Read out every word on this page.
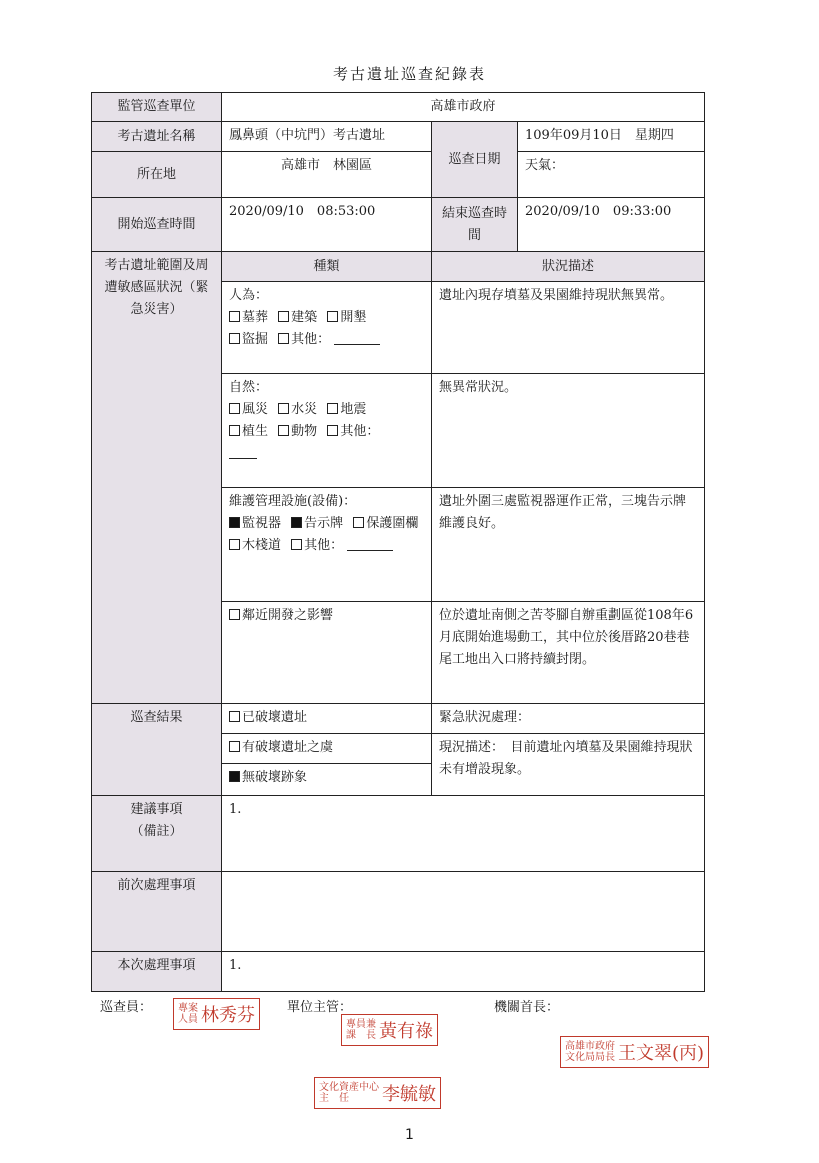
考古遺址巡查紀錄表
監管巡查單位	高雄市政府		
考古遺址名稱	鳳鼻頭（中坑門）考古遺址	巡查日期	109年09月10日　星期四
所在地	高雄市　林園區		天氣：
開始巡查時間	2020/09/10　08:53:00	結束巡查時間	2020/09/10　09:33:00
考古遺址範圍及周遭敏感區狀況（緊急災害）	種類	狀況描述	

	人為：

墓葬 建築 開墾

盜掘 其他：	遺址內現存墳墓及果園維持現狀無異常。	

	自然：

風災 水災 地震

植生 動物 其他：	無異常狀況。	

	維護管理設施(設備)：

監視器 告示牌 保護圍欄

木棧道 其他：	遺址外圍三處監視器運作正常，三塊告示牌維護良好。	
	鄰近開發之影響	位於遺址南側之苦苓腳自辦重劃區從108年6月底開始進場動工，其中位於後厝路20巷巷尾工地出入口將持續封閉。	
巡查結果	已破壞遺址	緊急狀況處理：	
	有破壞遺址之虞	現況描述：　目前遺址內墳墓及果園維持現狀未有增設現象。	
	無破壞跡象		

建議事項
（備註）	1.		
前次處理事項			
本次處理事項	1.		
巡查員：	單位主管：	機關首長：
專案
人員 林秀芬	專員兼
課　長 黃有祿
高雄市政府
文化局局長 王文翠(丙)
文化資產中心
主　任	李毓敏
1
